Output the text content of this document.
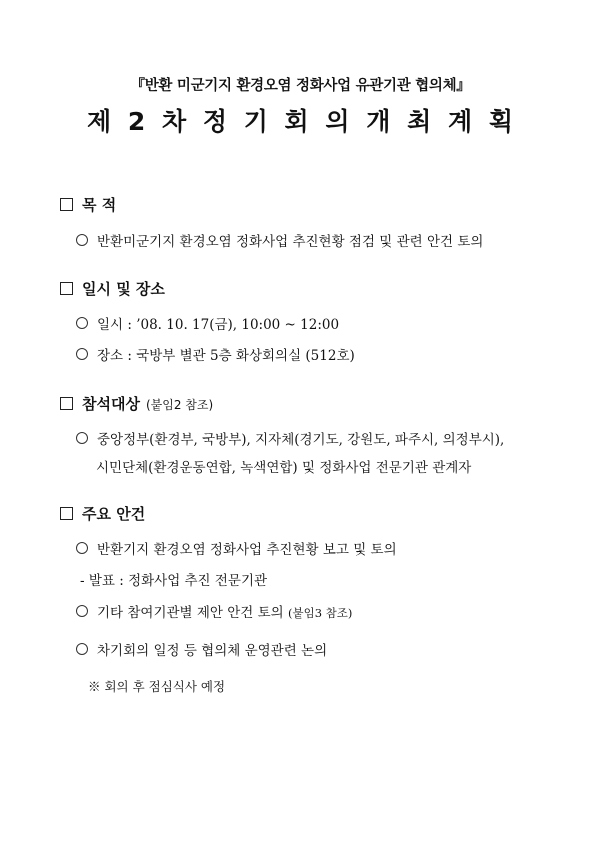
『반환 미군기지 환경오염 정화사업 유관기관 협의체』
제 2 차 정 기 회 의 개 최 계 획
목 적
반환미군기지 환경오염 정화사업 추진현황 점검 및 관련 안건 토의
일시 및 장소
일시 : ’08. 10. 17(금), 10:00 ~ 12:00
장소 : 국방부 별관 5층 화상회의실 (512호)
참석대상 (붙임2 참조)
중앙정부(환경부, 국방부), 지자체(경기도, 강원도, 파주시, 의정부시),
시민단체(환경운동연합, 녹색연합) 및 정화사업 전문기관 관계자
주요 안건
반환기지 환경오염 정화사업 추진현황 보고 및 토의
- 발표 : 정화사업 추진 전문기관
기타 참여기관별 제안 안건 토의 (붙임3 참조)
차기회의 일정 등 협의체 운영관련 논의
※ 회의 후 점심식사 예정
